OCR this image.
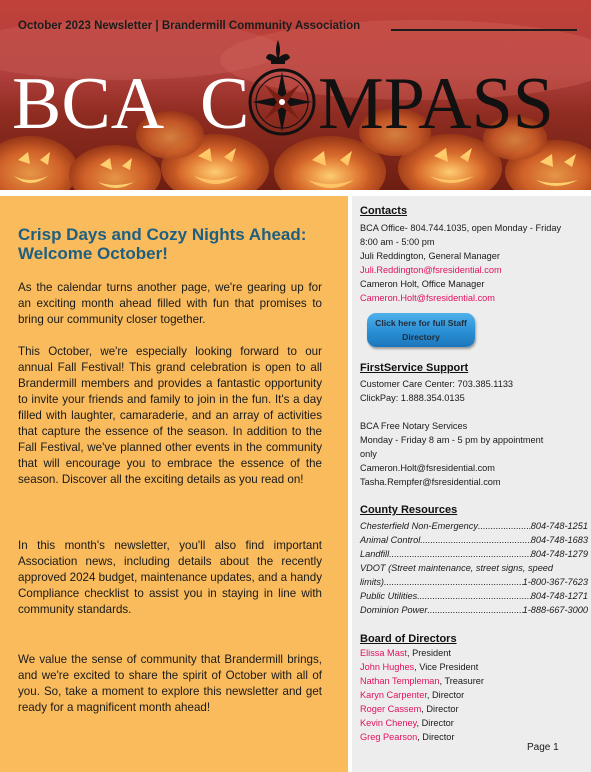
October 2023 Newsletter | Brandermill Community Association
BCA C MPASS
Crisp Days and Cozy Nights Ahead: Welcome October!
As the calendar turns another page, we're gearing up for an exciting month ahead filled with fun that promises to bring our community closer together.
This October, we're especially looking forward to our annual Fall Festival! This grand celebration is open to all Brandermill members and provides a fantastic opportunity to invite your friends and family to join in the fun. It's a day filled with laughter, camaraderie, and an array of activities that capture the essence of the season. In addition to the Fall Festival, we've planned other events in the community that will encourage you to embrace the essence of the season. Discover all the exciting details as you read on!
In this month's newsletter, you'll also find important Association news, including details about the recently approved 2024 budget, maintenance updates, and a handy Compliance checklist to assist you in staying in line with community standards.
We value the sense of community that Brandermill brings, and we're excited to share the spirit of October with all of you. So, take a moment to explore this newsletter and get ready for a magnificent month ahead!
Contacts
BCA Office- 804.744.1035, open Monday - Friday
8:00 am - 5:00 pm
Juli Reddington, General Manager
Juli.Reddington@fsresidential.com
Cameron Holt, Office Manager
Cameron.Holt@fsresidential.com
Click here for full Staff
Directory
FirstService Support
Customer Care Center: 703.385.1133
ClickPay: 1.888.354.0135
BCA Free Notary Services
Monday - Friday 8 am - 5 pm by appointment
only
Cameron.Holt@fsresidential.com
Tasha.Rempfer@fsresidential.com
County Resources
Chesterfield Non-Emergency .....	804-748-1251
Animal Control .....	804-748-1683
Landfill .....	804-748-1279
VDOT (Street maintenance, street signs, speed
limits) .....	1-800-367-7623
Public Utilities .....	804-748-1271
Dominion Power .....	1-888-667-3000
Board of Directors
Elissa Mast, President
John Hughes, Vice President
Nathan Templeman, Treasurer
Karyn Carpenter, Director
Roger Cassem, Director
Kevin Cheney, Director
Greg Pearson, Director
Page 1
